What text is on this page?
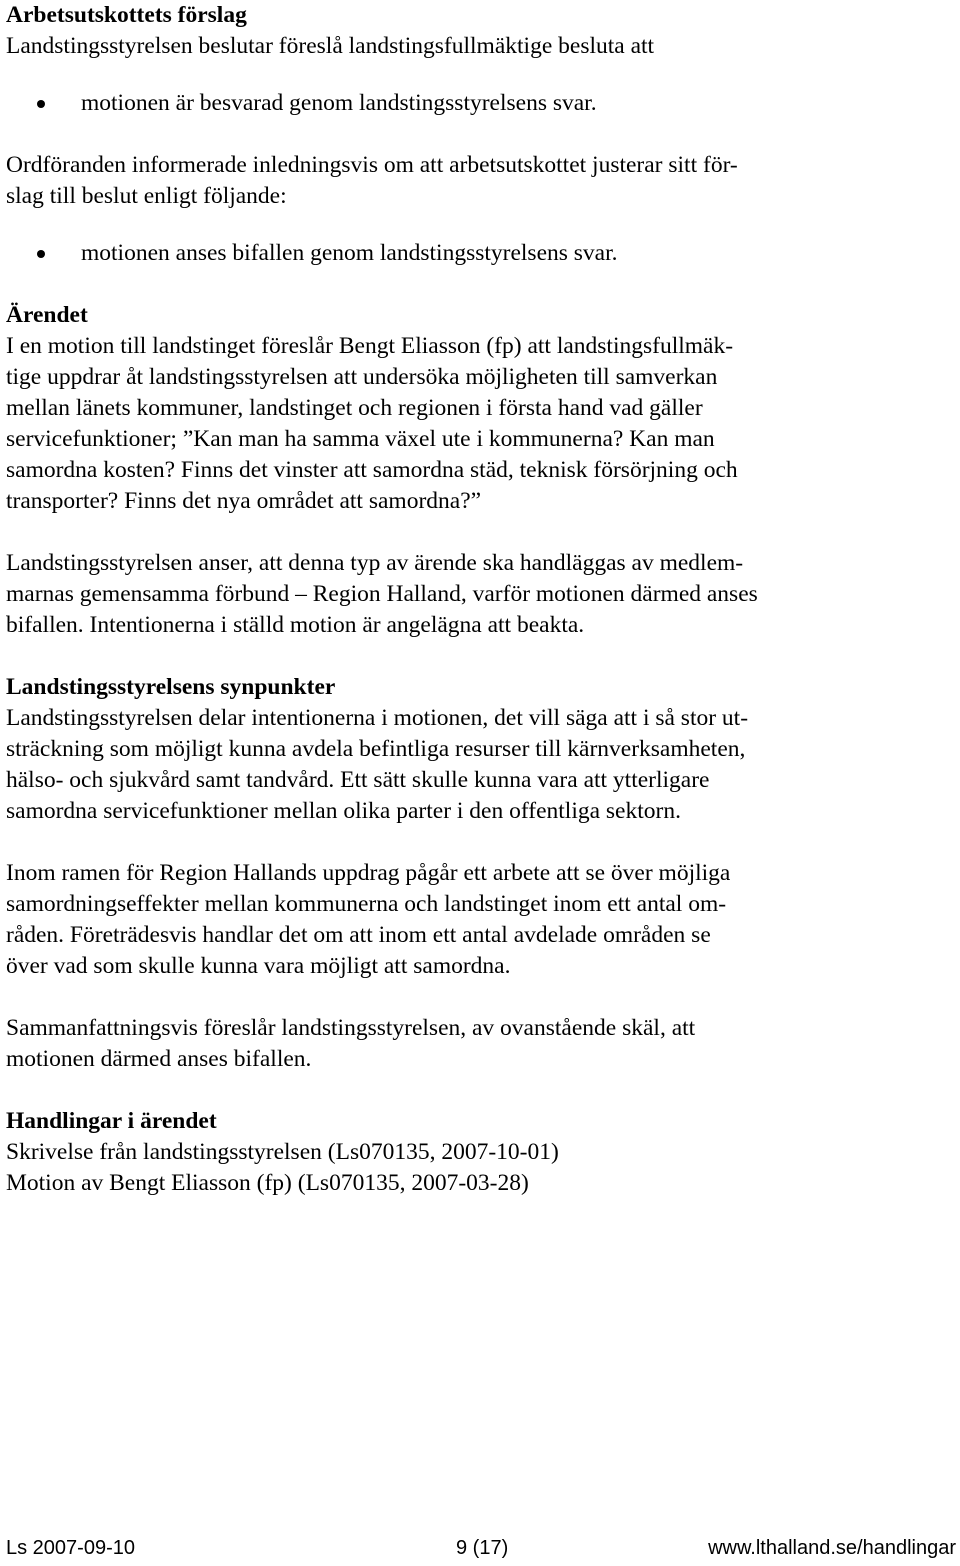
Arbetsutskottets förslag

Landstingsstyrelsen beslutar föreslå landstingsfullmäktige besluta att

motionen är besvarad genom landstingsstyrelsens svar.

Ordföranden informerade inledningsvis om att arbetsutskottet justerar sitt för-

slag till beslut enligt följande:

motionen anses bifallen genom landstingsstyrelsens svar.

Ärendet

I en motion till landstinget föreslår Bengt Eliasson (fp) att landstingsfullmäk-

tige uppdrar åt landstingsstyrelsen att undersöka möjligheten till samverkan

mellan länets kommuner, landstinget och regionen i första hand vad gäller

servicefunktioner; ”Kan man ha samma växel ute i kommunerna? Kan man

samordna kosten? Finns det vinster att samordna städ, teknisk försörjning och

transporter? Finns det nya området att samordna?”

Landstingsstyrelsen anser, att denna typ av ärende ska handläggas av medlem-

marnas gemensamma förbund – Region Halland, varför motionen därmed anses

bifallen. Intentionerna i ställd motion är angelägna att beakta.

Landstingsstyrelsens synpunkter

Landstingsstyrelsen delar intentionerna i motionen, det vill säga att i så stor ut-

sträckning som möjligt kunna avdela befintliga resurser till kärnverksamheten,

hälso- och sjukvård samt tandvård. Ett sätt skulle kunna vara att ytterligare

samordna servicefunktioner mellan olika parter i den offentliga sektorn.

Inom ramen för Region Hallands uppdrag pågår ett arbete att se över möjliga

samordningseffekter mellan kommunerna och landstinget inom ett antal om-

råden. Företrädesvis handlar det om att inom ett antal avdelade områden se

över vad som skulle kunna vara möjligt att samordna.

Sammanfattningsvis föreslår landstingsstyrelsen, av ovanstående skäl, att

motionen därmed anses bifallen.

Handlingar i ärendet

Skrivelse från landstingsstyrelsen (Ls070135, 2007-10-01)

Motion av Bengt Eliasson (fp) (Ls070135, 2007-03-28)

Ls 2007-09-10	9 (17)	www.lthalland.se/handlingar
